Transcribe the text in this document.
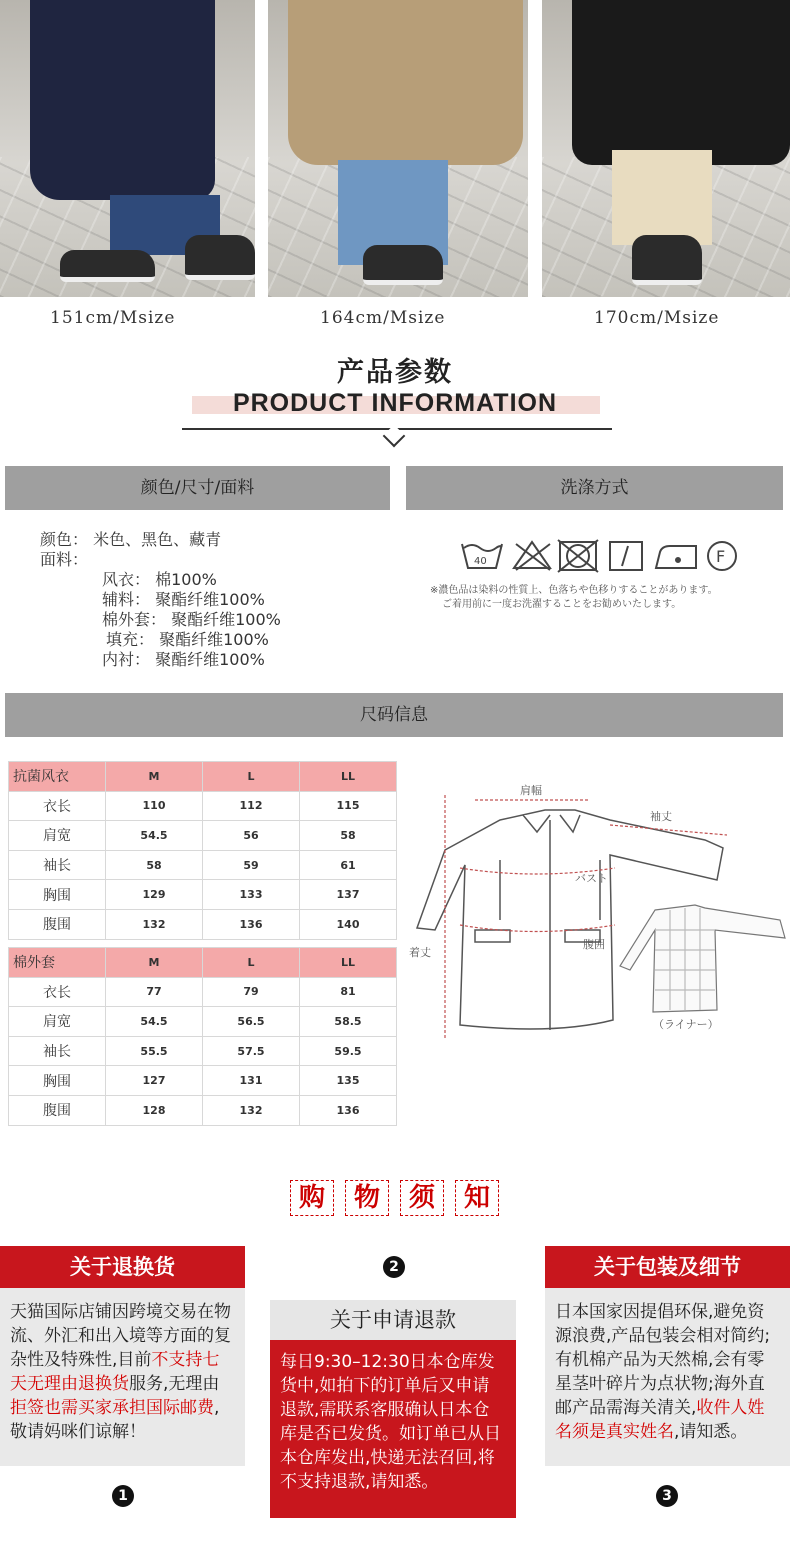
151cm/Msize	164cm/Msize	170cm/Msize
产品参数
PRODUCT INFORMATION
颜色/尺寸/面料	洗涤方式
颜色： 米色、黑色、藏青
面料：
风衣： 棉100%
辅料： 聚酯纤维100%
棉外套： 聚酯纤维100%
填充： 聚酯纤维100%
内衬： 聚酯纤维100%
40	F
※濃色品は染料の性質上、色落ちや色移りすることがあります。
ご着用前に一度お洗濯することをお勧めいたします。
尺码信息
抗菌风衣	M	L	LL
衣长	110	112	115
肩宽	54.5	56	58
袖长	58	59	61
胸围	129	133	137
腹围	132	136	140
棉外套	M	L	LL
衣长	77	79	81
肩宽	54.5	56.5	58.5
袖长	55.5	57.5	59.5
胸围	127	131	135
腹围	128	132	136
肩幅
袖丈
バスト
着丈
腹囲
（ライナー）
购	物	须	知
关于退换货
天猫国际店铺因跨境交易在物流、外汇和出入境等方面的复杂性及特殊性,目前不支持七天无理由退换货服务,无理由拒签也需买家承担国际邮费,敬请妈咪们谅解！
1
2
关于申请退款
每日9:30–12:30日本仓库发货中,如拍下的订单后又申请退款,需联系客服确认日本仓库是否已发货。如订单已从日本仓库发出,快递无法召回,将不支持退款,请知悉。
关于包装及细节
日本国家因提倡环保,避免资源浪费,产品包装会相对简约;有机棉产品为天然棉,会有零星茎叶碎片为点状物;海外直邮产品需海关清关,收件人姓名须是真实姓名,请知悉。
3
